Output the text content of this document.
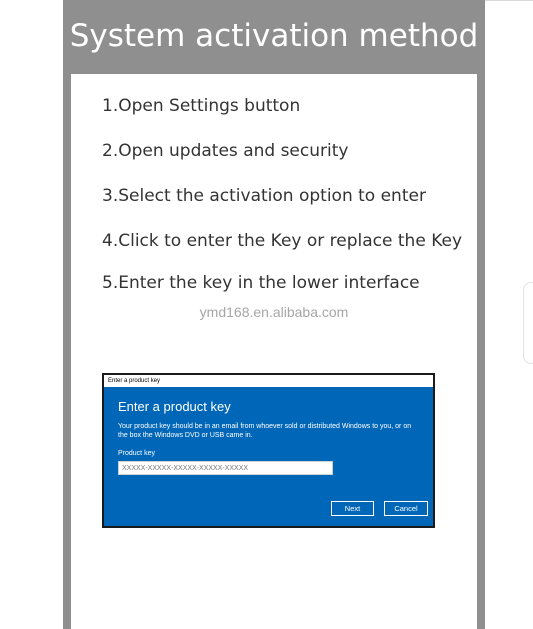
System activation method
1.Open Settings button
2.Open updates and security
3.Select the activation option to enter
4.Click to enter the Key or replace the Key
5.Enter the key in the lower interface
ymd168.en.alibaba.com
Enter a product key
Enter a product key
Your product key should be in an email from whoever sold or distributed Windows to you, or on the box the Windows DVD or USB came in.
Product key
XXXXX-XXXXX-XXXXX-XXXXX-XXXXX
Next	Cancel
